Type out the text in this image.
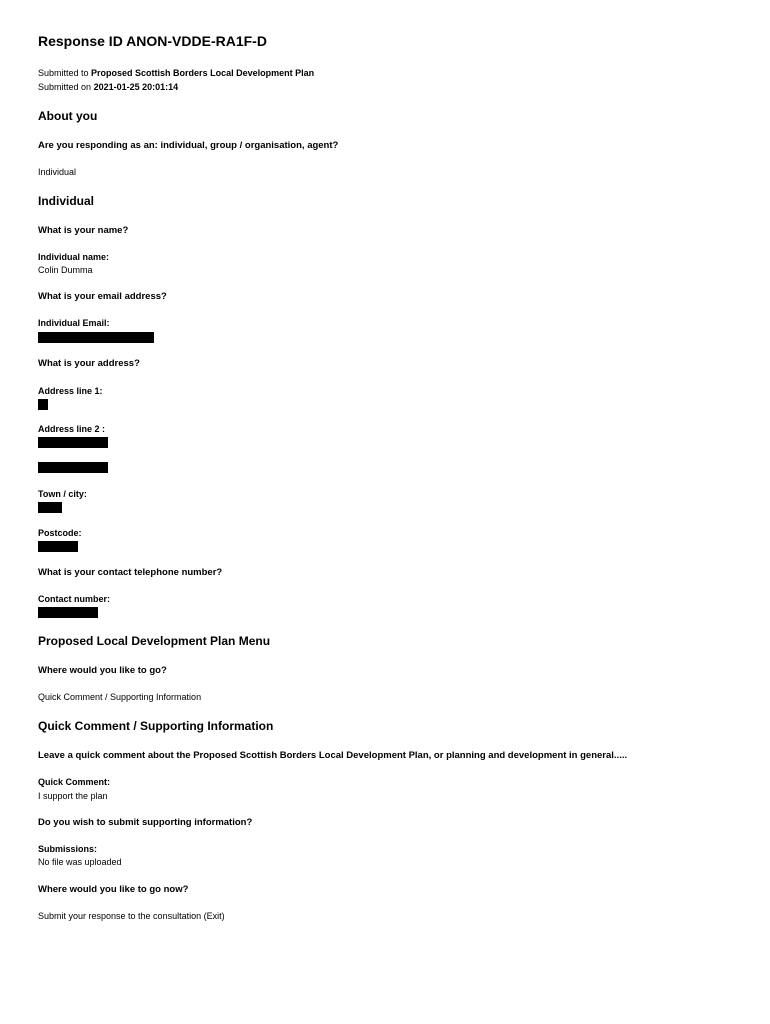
Response ID ANON-VDDE-RA1F-D
Submitted to Proposed Scottish Borders Local Development Plan
Submitted on 2021-01-25 20:01:14
About you
Are you responding as an: individual, group / organisation, agent?
Individual
Individual
What is your name?
Individual name:
Colin Dumma
What is your email address?
Individual Email:
What is your address?
Address line 1:
Address line 2 :
Town / city:
Postcode:
What is your contact telephone number?
Contact number:
Proposed Local Development Plan Menu
Where would you like to go?
Quick Comment / Supporting Information
Quick Comment / Supporting Information
Leave a quick comment about the Proposed Scottish Borders Local Development Plan, or planning and development in general.....
Quick Comment:
I support the plan
Do you wish to submit supporting information?
Submissions:
No file was uploaded
Where would you like to go now?
Submit your response to the consultation (Exit)
